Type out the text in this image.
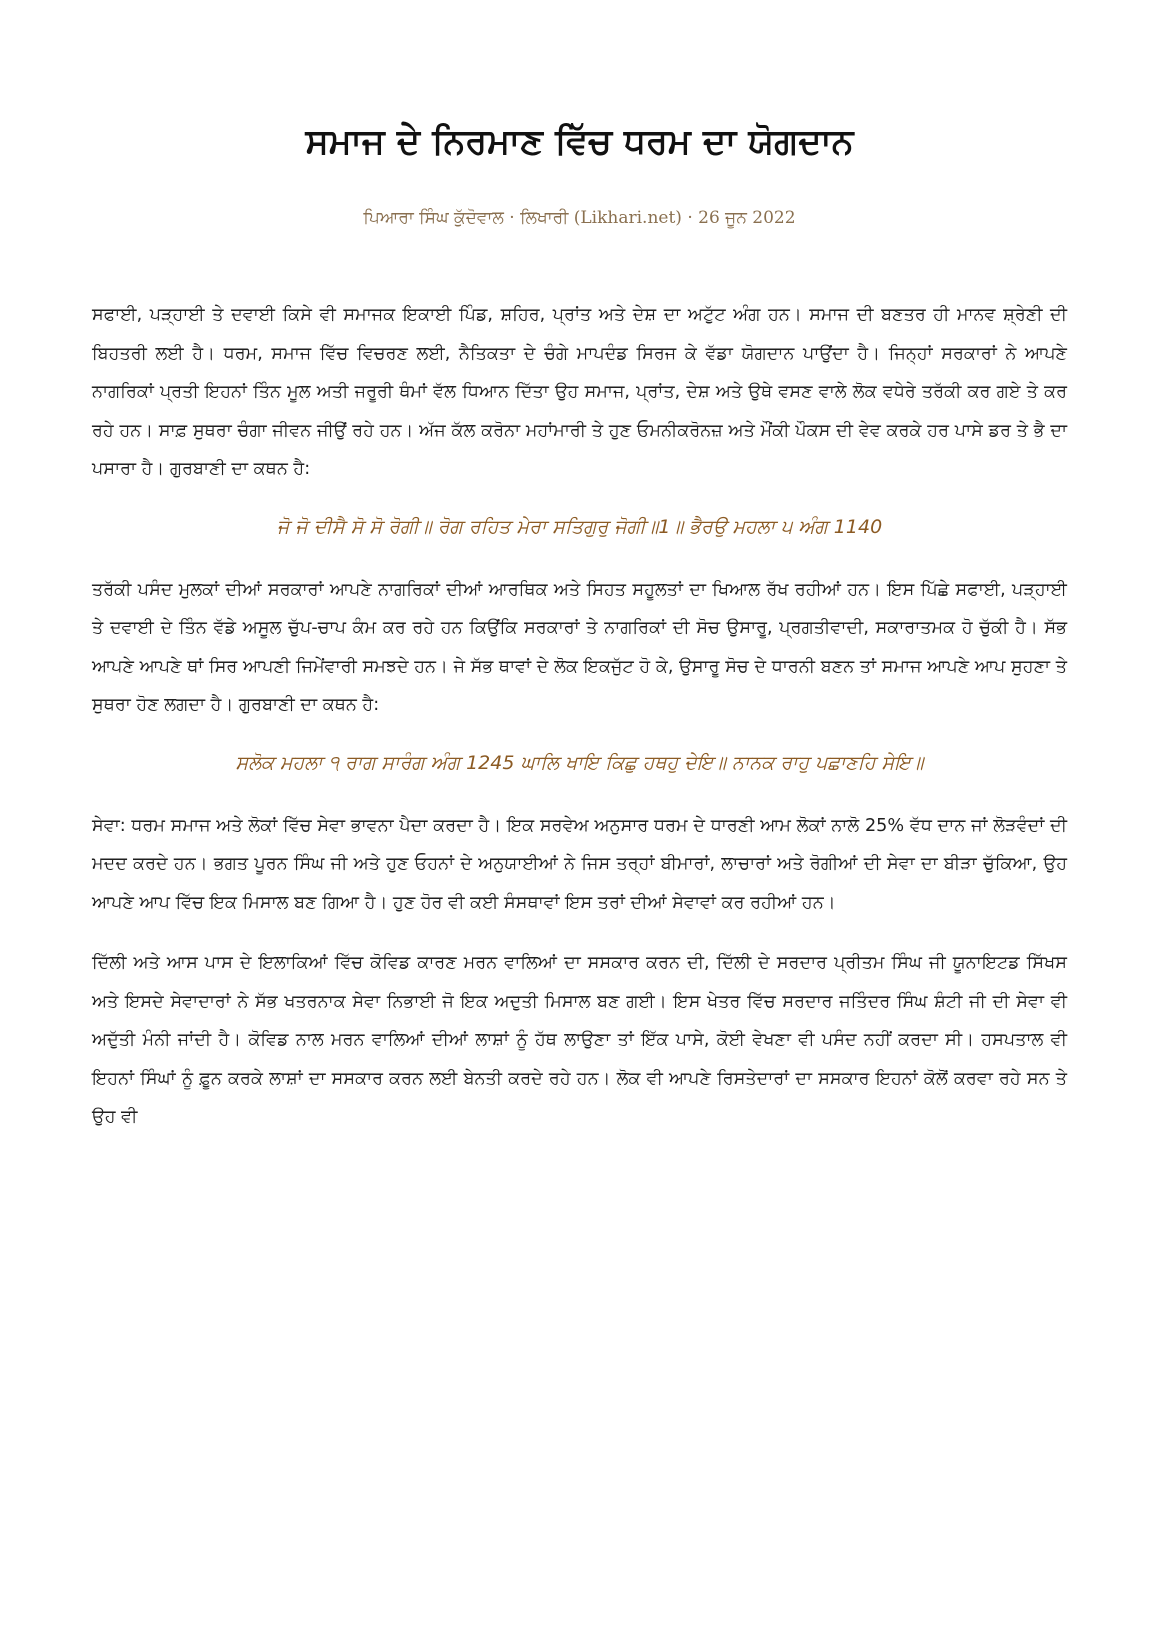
ਸਮਾਜ ਦੇ ਨਿਰਮਾਣ ਵਿੱਚ ਧਰਮ ਦਾ ਯੋਗਦਾਨ
ਪਿਆਰਾ ਸਿੰਘ ਕੁੱਦੋਵਾਲ · ਲਿਖਾਰੀ (Likhari.net) · 26 ਜੂਨ 2022

ਸਫਾਈ, ਪੜ੍ਹਾਈ ਤੇ ਦਵਾਈ ਕਿਸੇ ਵੀ ਸਮਾਜਕ ਇਕਾਈ ਪਿੰਡ, ਸ਼ਹਿਰ, ਪ੍ਰਾਂਤ ਅਤੇ ਦੇਸ਼ ਦਾ ਅਟੁੱਟ ਅੰਗ ਹਨ। ਸਮਾਜ ਦੀ ਬਣਤਰ ਹੀ ਮਾਨਵ ਸ਼੍ਰੇਣੀ ਦੀ ਬਿਹਤਰੀ ਲਈ ਹੈ। ਧਰਮ, ਸਮਾਜ ਵਿੱਚ ਵਿਚਰਣ ਲਈ, ਨੈਤਿਕਤਾ ਦੇ ਚੰਗੇ ਮਾਪਦੰਡ ਸਿਰਜ ਕੇ ਵੱਡਾ ਯੋਗਦਾਨ ਪਾਉਂਦਾ ਹੈ। ਜਿਨ੍ਹਾਂ ਸਰਕਾਰਾਂ ਨੇ ਆਪਣੇ ਨਾਗਰਿਕਾਂ ਪ੍ਰਤੀ ਇਹਨਾਂ ਤਿੰਨ ਮੂਲ ਅਤੀ ਜਰੂਰੀ ਥੰਮਾਂ ਵੱਲ ਧਿਆਨ ਦਿੱਤਾ ਉਹ ਸਮਾਜ, ਪ੍ਰਾਂਤ, ਦੇਸ਼ ਅਤੇ ਉਥੇ ਵਸਣ ਵਾਲੇ ਲੋਕ ਵਧੇਰੇ ਤਰੱਕੀ ਕਰ ਗਏ ਤੇ ਕਰ ਰਹੇ ਹਨ। ਸਾਫ਼ ਸੁਥਰਾ ਚੰਗਾ ਜੀਵਨ ਜੀਉਂ ਰਹੇ ਹਨ। ਅੱਜ ਕੱਲ ਕਰੋਨਾ ਮਹਾਂਮਾਰੀ ਤੇ ਹੁਣ ਓਮਨੀਕਰੋਨਜ਼ ਅਤੇ ਮੌਂਕੀ ਪੌਕਸ ਦੀ ਵੇਵ ਕਰਕੇ ਹਰ ਪਾਸੇ ਡਰ ਤੇ ਭੈ ਦਾ ਪਸਾਰਾ ਹੈ। ਗੁਰਬਾਣੀ ਦਾ ਕਥਨ ਹੈ:

ਜੋ ਜੋ ਦੀਸੈ ਸੋ ਸੋ ਰੋਗੀ॥ ਰੋਗ ਰਹਿਤ ਮੇਰਾ ਸਤਿਗੁਰੁ ਜੋਗੀ॥1॥ ਭੈਰਉ ਮਹਲਾ ੫ ਅੰਗ 1140

ਤਰੱਕੀ ਪਸੰਦ ਮੁਲਕਾਂ ਦੀਆਂ ਸਰਕਾਰਾਂ ਆਪਣੇ ਨਾਗਰਿਕਾਂ ਦੀਆਂ ਆਰਥਿਕ ਅਤੇ ਸਿਹਤ ਸਹੂਲਤਾਂ ਦਾ ਖਿਆਲ ਰੱਖ ਰਹੀਆਂ ਹਨ। ਇਸ ਪਿੱਛੇ ਸਫਾਈ, ਪੜ੍ਹਾਈ ਤੇ ਦਵਾਈ ਦੇ ਤਿੰਨ ਵੱਡੇ ਅਸੂਲ ਚੁੱਪ-ਚਾਪ ਕੰਮ ਕਰ ਰਹੇ ਹਨ ਕਿਉਂਕਿ ਸਰਕਾਰਾਂ ਤੇ ਨਾਗਰਿਕਾਂ ਦੀ ਸੋਚ ਉਸਾਰੂ, ਪ੍ਰਗਤੀਵਾਦੀ, ਸਕਾਰਾਤਮਕ ਹੋ ਚੁੱਕੀ ਹੈ। ਸੱਭ ਆਪਣੇ ਆਪਣੇ ਥਾਂ ਸਿਰ ਆਪਣੀ ਜਿਮੇਂਵਾਰੀ ਸਮਝਦੇ ਹਨ। ਜੇ ਸੱਭ ਥਾਵਾਂ ਦੇ ਲੋਕ ਇਕਜੁੱਟ ਹੋ ਕੇ, ਉਸਾਰੂ ਸੋਚ ਦੇ ਧਾਰਨੀ ਬਣਨ ਤਾਂ ਸਮਾਜ ਆਪਣੇ ਆਪ ਸੁਹਣਾ ਤੇ ਸੁਥਰਾ ਹੋਣ ਲਗਦਾ ਹੈ। ਗੁਰਬਾਣੀ ਦਾ ਕਥਨ ਹੈ:

ਸਲੋਕ ਮਹਲਾ ੧ ਰਾਗ ਸਾਰੰਗ ਅੰਗ 1245 ਘਾਲਿ ਖਾਇ ਕਿਛੁ ਹਥਹੁ ਦੇਇ॥ ਨਾਨਕ ਰਾਹੁ ਪਛਾਣਹਿ ਸੇਇ॥

ਸੇਵਾ: ਧਰਮ ਸਮਾਜ ਅਤੇ ਲੋਕਾਂ ਵਿੱਚ ਸੇਵਾ ਭਾਵਨਾ ਪੈਦਾ ਕਰਦਾ ਹੈ। ਇਕ ਸਰਵੇਅ ਅਨੁਸਾਰ ਧਰਮ ਦੇ ਧਾਰਣੀ ਆਮ ਲੋਕਾਂ ਨਾਲੋ 25% ਵੱਧ ਦਾਨ ਜਾਂ ਲੋੜਵੰਦਾਂ ਦੀ ਮਦਦ ਕਰਦੇ ਹਨ। ਭਗਤ ਪੂਰਨ ਸਿੰਘ ਜੀ ਅਤੇ ਹੁਣ ਓਹਨਾਂ ਦੇ ਅਨੁਯਾਈਆਂ ਨੇ ਜਿਸ ਤਰ੍ਹਾਂ ਬੀਮਾਰਾਂ, ਲਾਚਾਰਾਂ ਅਤੇ ਰੋਗੀਆਂ ਦੀ ਸੇਵਾ ਦਾ ਬੀੜਾ ਚੁੱਕਿਆ, ਉਹ ਆਪਣੇ ਆਪ ਵਿੱਚ ਇਕ ਮਿਸਾਲ ਬਣ ਗਿਆ ਹੈ। ਹੁਣ ਹੋਰ ਵੀ ਕਈ ਸੰਸਥਾਵਾਂ ਇਸ ਤਰਾਂ ਦੀਆਂ ਸੇਵਾਵਾਂ ਕਰ ਰਹੀਆਂ ਹਨ।

ਦਿੱਲੀ ਅਤੇ ਆਸ ਪਾਸ ਦੇ ਇਲਾਕਿਆਂ ਵਿੱਚ ਕੋਵਿਡ ਕਾਰਣ ਮਰਨ ਵਾਲਿਆਂ ਦਾ ਸਸਕਾਰ ਕਰਨ ਦੀ, ਦਿੱਲੀ ਦੇ ਸਰਦਾਰ ਪ੍ਰੀਤਮ ਸਿੰਘ ਜੀ ਯੂਨਾਇਟਡ ਸਿੱਖਸ ਅਤੇ ਇਸਦੇ ਸੇਵਾਦਾਰਾਂ ਨੇ ਸੱਭ ਖਤਰਨਾਕ ਸੇਵਾ ਨਿਭਾਈ ਜੋ ਇਕ ਅਦੁਤੀ ਮਿਸਾਲ ਬਣ ਗਈ। ਇਸ ਖੇਤਰ ਵਿੱਚ ਸਰਦਾਰ ਜਤਿੰਦਰ ਸਿੰਘ ਸ਼ੰਟੀ ਜੀ ਦੀ ਸੇਵਾ ਵੀ ਅਦੁੱਤੀ ਮੰਨੀ ਜਾਂਦੀ ਹੈ। ਕੋਵਿਡ ਨਾਲ ਮਰਨ ਵਾਲਿਆਂ ਦੀਆਂ ਲਾਸ਼ਾਂ ਨੂੰ ਹੱਥ ਲਾਉਣਾ ਤਾਂ ਇੱਕ ਪਾਸੇ, ਕੋਈ ਵੇਖਣਾ ਵੀ ਪਸੰਦ ਨਹੀਂ ਕਰਦਾ ਸੀ। ਹਸਪਤਾਲ ਵੀ ਇਹਨਾਂ ਸਿੰਘਾਂ ਨੂੰ ਫ਼ੂਨ ਕਰਕੇ ਲਾਸ਼ਾਂ ਦਾ ਸਸਕਾਰ ਕਰਨ ਲਈ ਬੇਨਤੀ ਕਰਦੇ ਰਹੇ ਹਨ। ਲੋਕ ਵੀ ਆਪਣੇ ਰਿਸਤੇਦਾਰਾਂ ਦਾ ਸਸਕਾਰ ਇਹਨਾਂ ਕੋਲੋਂ ਕਰਵਾ ਰਹੇ ਸਨ ਤੇ ਉਹ ਵੀ
